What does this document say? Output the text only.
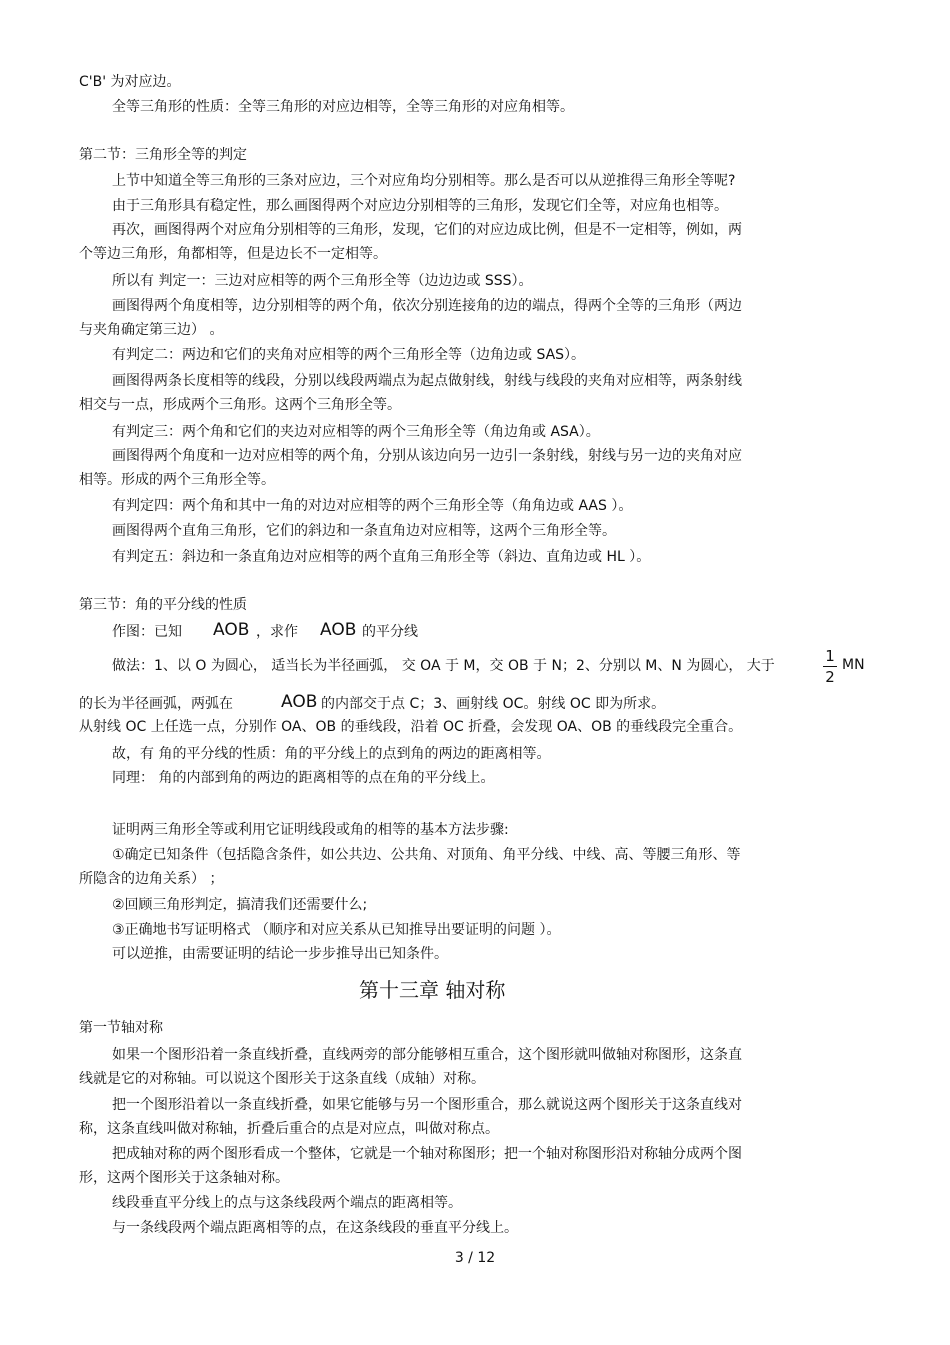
C'B' 为对应边。
全等三角形的性质：全等三角形的对应边相等，全等三角形的对应角相等。
第二节：三角形全等的判定
上节中知道全等三角形的三条对应边，三个对应角均分别相等。那么是否可以从逆推得三角形全等呢?
由于三角形具有稳定性，那么画图得两个对应边分别相等的三角形，发现它们全等，对应角也相等。
再次，画图得两个对应角分别相等的三角形，发现，它们的对应边成比例，但是不一定相等，例如，两
个等边三角形，角都相等，但是边长不一定相等。
所以有 判定一：三边对应相等的两个三角形全等（边边边或 SSS）。
画图得两个角度相等，边分别相等的两个角，依次分别连接角的边的端点，得两个全等的三角形（两边
与夹角确定第三边） 。
有判定二：两边和它们的夹角对应相等的两个三角形全等（边角边或 SAS）。
画图得两条长度相等的线段，分别以线段两端点为起点做射线，射线与线段的夹角对应相等，两条射线
相交与一点，形成两个三角形。这两个三角形全等。
有判定三：两个角和它们的夹边对应相等的两个三角形全等（角边角或 ASA）。
画图得两个角度和一边对应相等的两个角，分别从该边向另一边引一条射线，射线与另一边的夹角对应
相等。形成的两个三角形全等。
有判定四：两个角和其中一角的对边对应相等的两个三角形全等（角角边或 AAS ）。
画图得两个直角三角形，它们的斜边和一条直角边对应相等，这两个三角形全等。
有判定五：斜边和一条直角边对应相等的两个直角三角形全等（斜边、直角边或 HL ）。
第三节：角的平分线的性质
作图：已知 AOB ，求作 AOB 的平分线
做法：1、以 O 为圆心， 适当长为半径画弧， 交 OA 于 M，交 OB 于 N；2、分别以 M、N 为圆心， 大于
1
2
MN
的长为半径画弧，两弧在	AOB 的内部交于点 C；3、画射线 OC。射线 OC 即为所求。
从射线 OC 上任选一点，分别作 OA、OB 的垂线段，沿着 OC 折叠，会发现 OA、OB 的垂线段完全重合。
故，有 角的平分线的性质：角的平分线上的点到角的两边的距离相等。
同理： 角的内部到角的两边的距离相等的点在角的平分线上。
证明两三角形全等或利用它证明线段或角的相等的基本方法步骤:
①确定已知条件（包括隐含条件，如公共边、公共角、对顶角、角平分线、中线、高、等腰三角形、等
所隐含的边角关系） ；
②回顾三角形判定，搞清我们还需要什么;
③正确地书写证明格式 （顺序和对应关系从已知推导出要证明的问题 ）。
可以逆推，由需要证明的结论一步步推导出已知条件。
第十三章 轴对称
第一节轴对称
如果一个图形沿着一条直线折叠，直线两旁的部分能够相互重合，这个图形就叫做轴对称图形，这条直
线就是它的对称轴。可以说这个图形关于这条直线（成轴）对称。
把一个图形沿着以一条直线折叠，如果它能够与另一个图形重合，那么就说这两个图形关于这条直线对
称，这条直线叫做对称轴，折叠后重合的点是对应点，叫做对称点。
把成轴对称的两个图形看成一个整体，它就是一个轴对称图形；把一个轴对称图形沿对称轴分成两个图
形，这两个图形关于这条轴对称。
线段垂直平分线上的点与这条线段两个端点的距离相等。
与一条线段两个端点距离相等的点，在这条线段的垂直平分线上。
3 / 12
